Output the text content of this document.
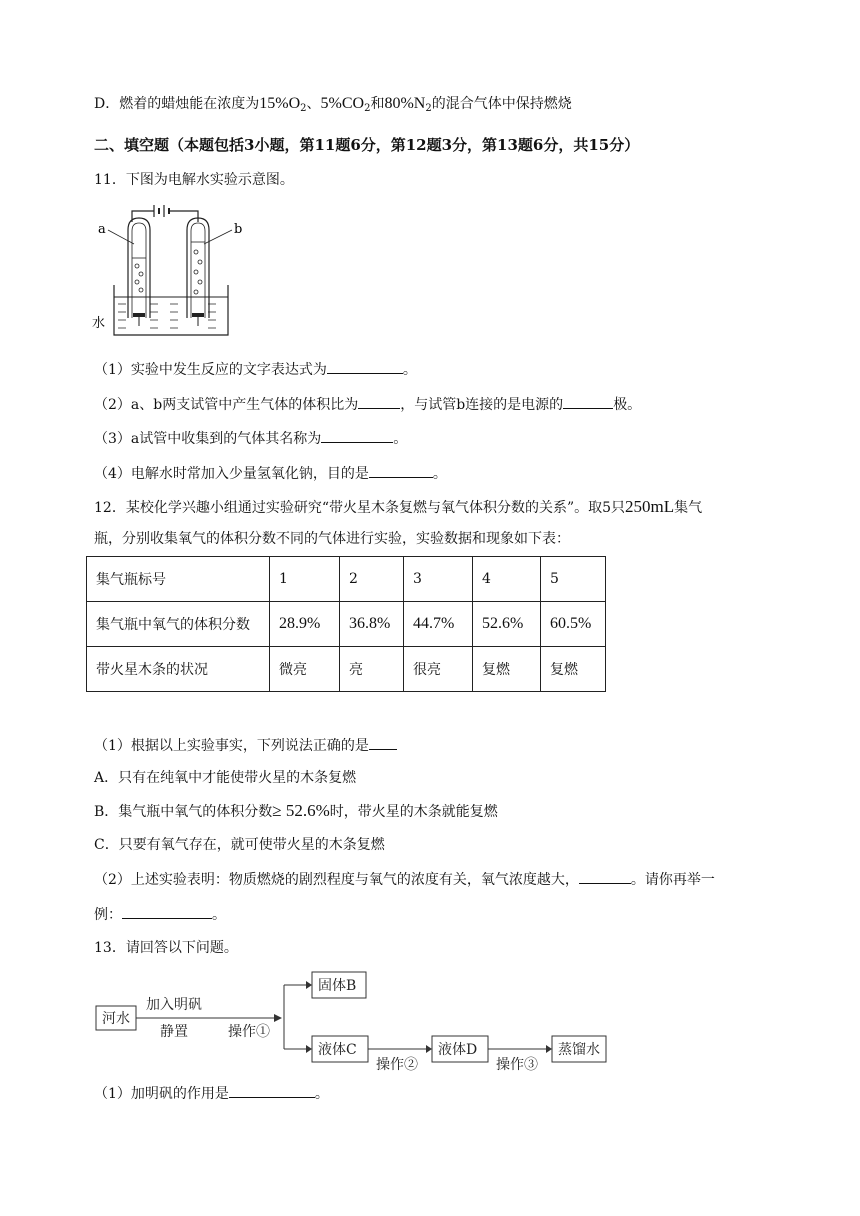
D．燃着的蜡烛能在浓度为$15\%O_2$、$5\%CO_2$和$80\%N_2$的混合气体中保持燃烧
二、填空题（本题包括3小题，第11题6分，第12题3分，第13题6分，共15分）
11．下图为电解水实验示意图。
a	b
水
（1）实验中发生反应的文字表达式为	。
（2）a、b两支试管中产生气体的体积比为	，与试管b连接的是电源的	极。
（3）a试管中收集到的气体其名称为	。
（4）电解水时常加入少量氢氧化钠，目的是	。
12．某校化学兴趣小组通过实验研究“带火星木条复燃与氧气体积分数的关系”。取5只250mL集气
瓶，分别收集氧气的体积分数不同的气体进行实验，实验数据和现象如下表：
集气瓶标号	1	2	3	4	5
集气瓶中氧气的体积分数	28.9%	36.8%	44.7%	52.6%	60.5%
带火星木条的状况	微亮	亮	很亮	复燃	复燃
（1）根据以上实验事实，下列说法正确的是
A．只有在纯氧中才能使带火星的木条复燃
B．集气瓶中氧气的体积分数≥ 52.6%时，带火星的木条就能复燃
C．只要有氧气存在，就可使带火星的木条复燃
（2）上述实验表明：物质燃烧的剧烈程度与氧气的浓度有关，氧气浓度越大，	。请你再举一
例：	。
13．请回答以下问题。
河水
加入明矾
静置	操作①
固体B
液体C
操作②
液体D
操作③
蒸馏水
（1）加明矾的作用是	。
